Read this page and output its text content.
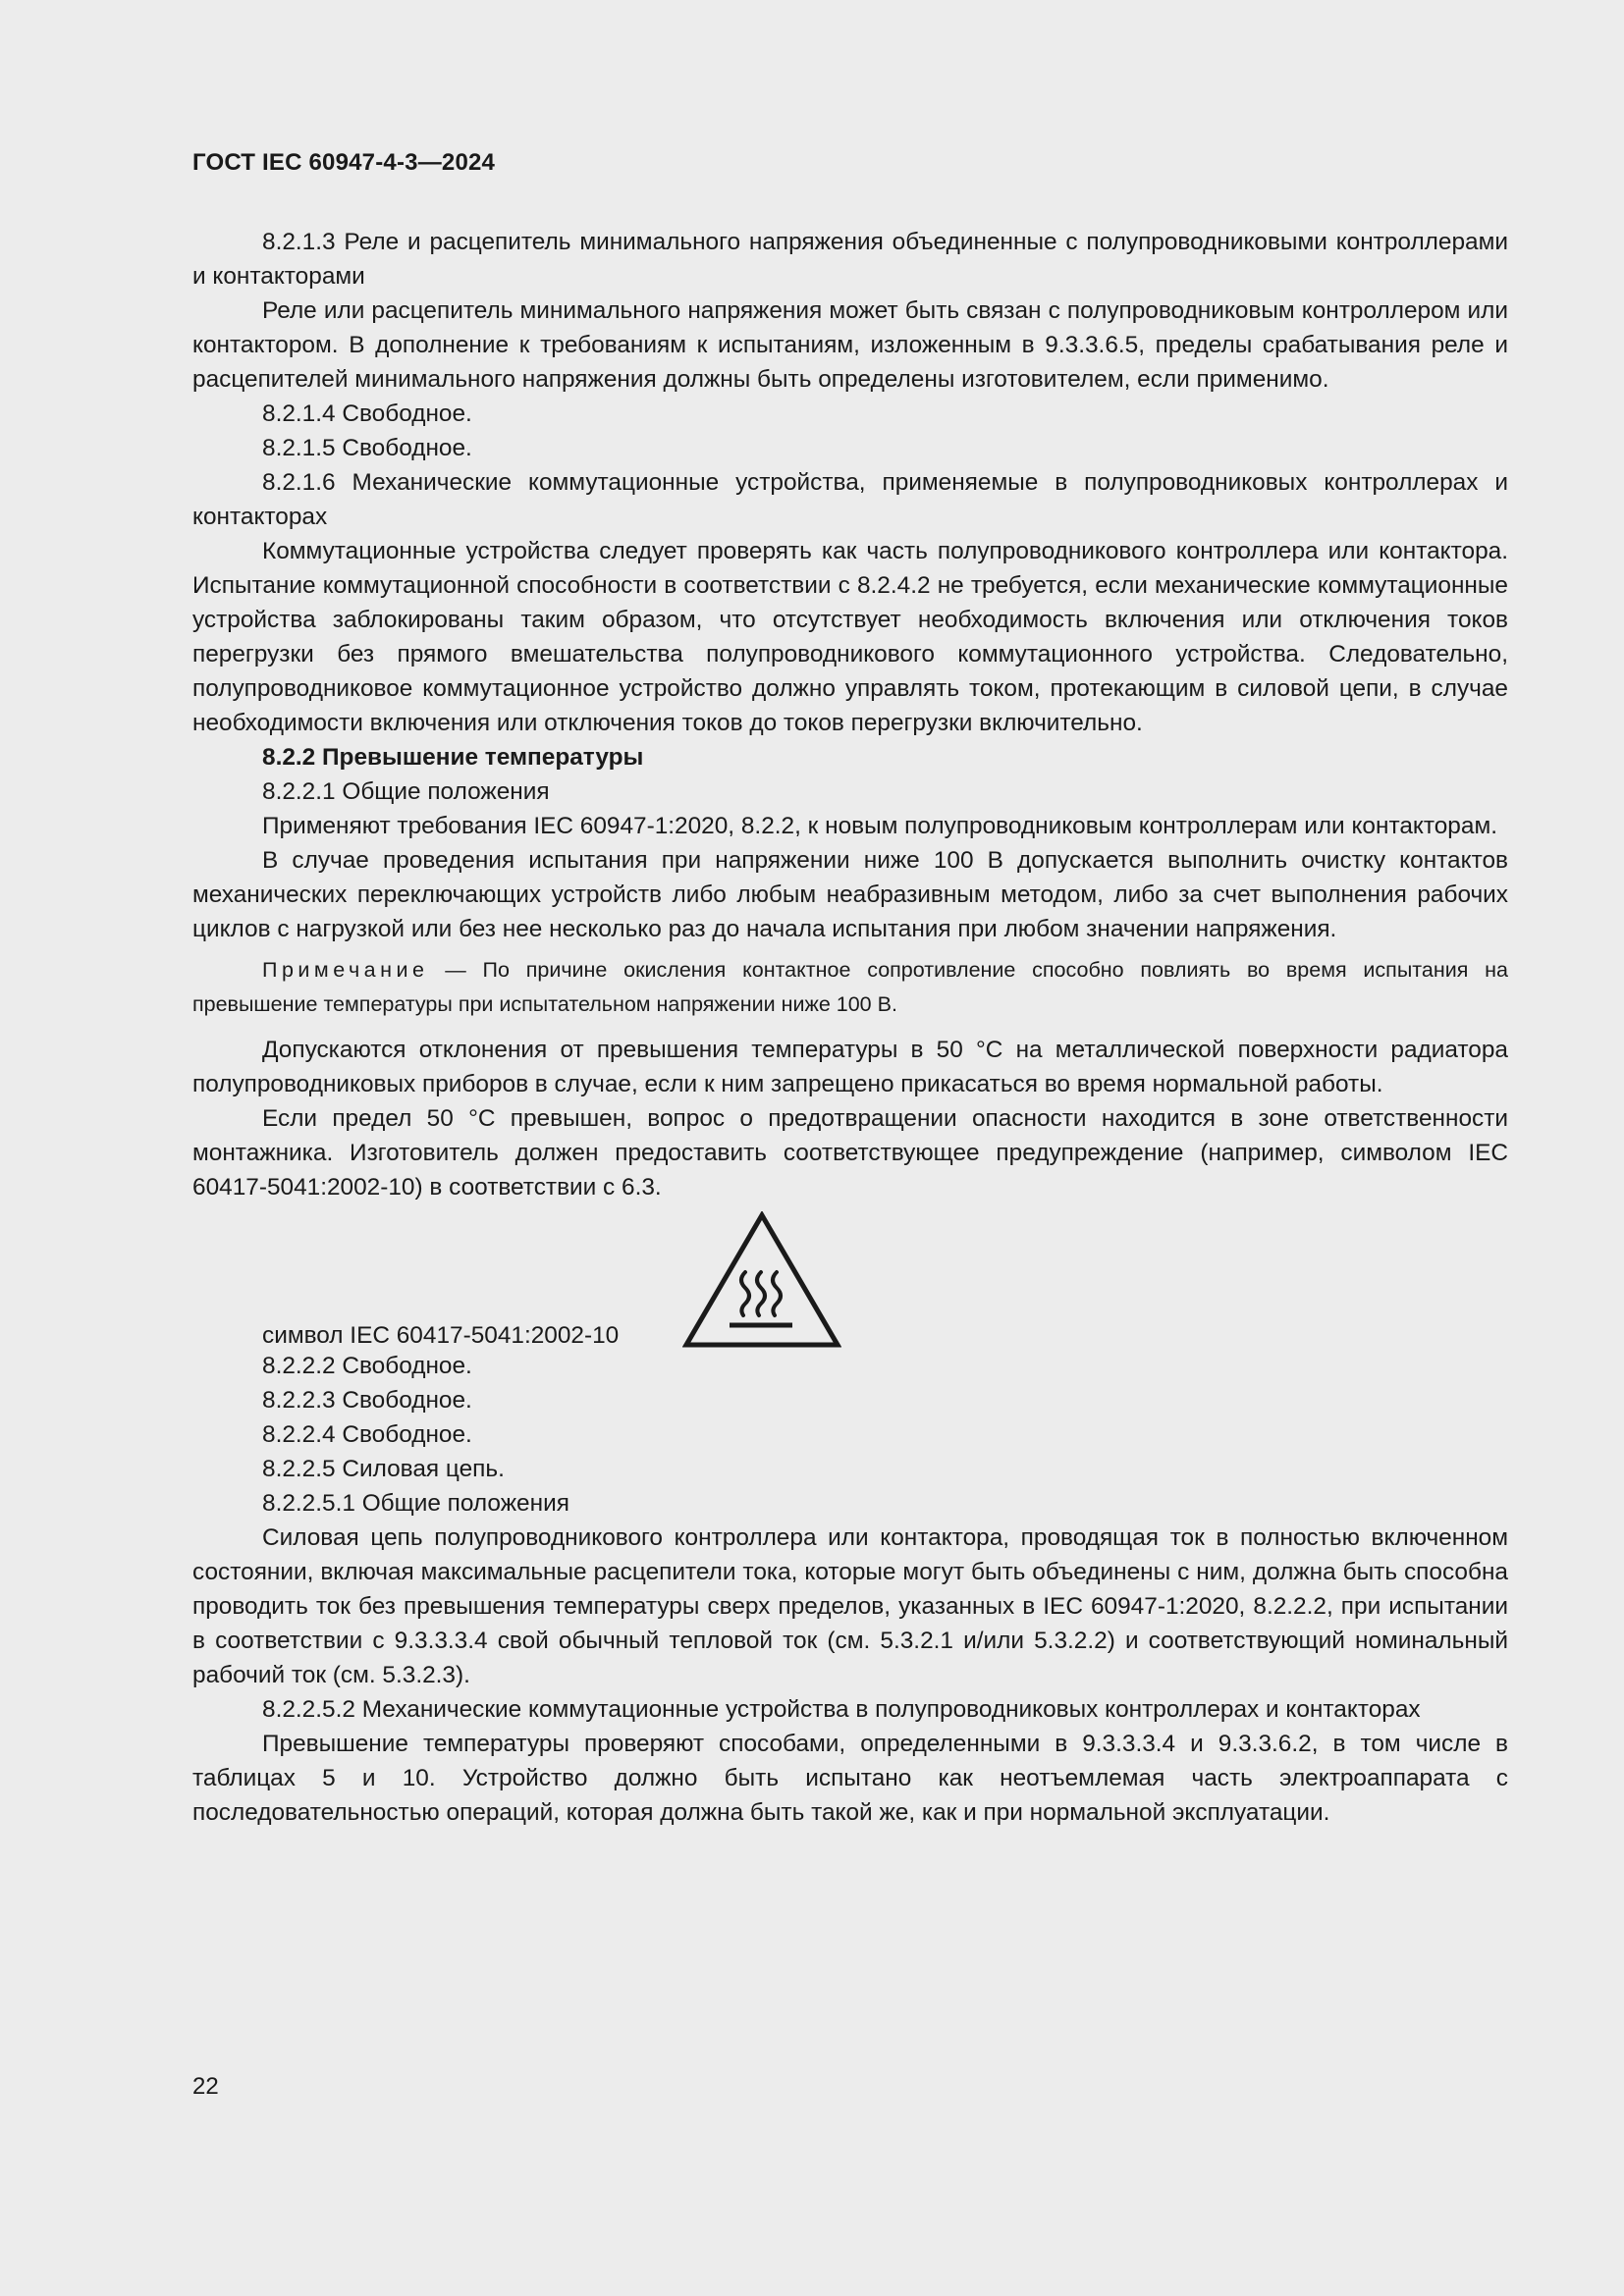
ГОСТ IEC 60947-4-3—2024

8.2.1.3 Реле и расцепитель минимального напряжения объединенные с полупроводниковыми контроллерами и контакторами

Реле или расцепитель минимального напряжения может быть связан с полупроводниковым контроллером или контактором. В дополнение к требованиям к испытаниям, изложенным в 9.3.3.6.5, пределы срабатывания реле и расцепителей минимального напряжения должны быть определены изготовителем, если применимо.

8.2.1.4 Свободное.

8.2.1.5 Свободное.

8.2.1.6 Механические коммутационные устройства, применяемые в полупроводниковых контроллерах и контакторах

Коммутационные устройства следует проверять как часть полупроводникового контроллера или контактора. Испытание коммутационной способности в соответствии с 8.2.4.2 не требуется, если механические коммутационные устройства заблокированы таким образом, что отсутствует необходимость включения или отключения токов перегрузки без прямого вмешательства полупроводникового коммутационного устройства. Следовательно, полупроводниковое коммутационное устройство должно управлять током, протекающим в силовой цепи, в случае необходимости включения или отключения токов до токов перегрузки включительно.

8.2.2 Превышение температуры

8.2.2.1 Общие положения

Применяют требования IEC 60947-1:2020, 8.2.2, к новым полупроводниковым контроллерам или контакторам.

В случае проведения испытания при напряжении ниже 100 В допускается выполнить очистку контактов механических переключающих устройств либо любым неабразивным методом, либо за счет выполнения рабочих циклов с нагрузкой или без нее несколько раз до начала испытания при любом значении напряжения.

Примечание — По причине окисления контактное сопротивление способно повлиять во время испытания на превышение температуры при испытательном напряжении ниже 100 В.

Допускаются отклонения от превышения температуры в 50 °С на металлической поверхности радиатора полупроводниковых приборов в случае, если к ним запрещено прикасаться во время нормальной работы.

Если предел 50 °С превышен, вопрос о предотвращении опасности находится в зоне ответственности монтажника. Изготовитель должен предоставить соответствующее предупреждение (например, символом IEC 60417-5041:2002-10) в соответствии с 6.3.

символ IEC 60417-5041:2002-10

8.2.2.2 Свободное.

8.2.2.3 Свободное.

8.2.2.4 Свободное.

8.2.2.5 Силовая цепь.

8.2.2.5.1 Общие положения

Силовая цепь полупроводникового контроллера или контактора, проводящая ток в полностью включенном состоянии, включая максимальные расцепители тока, которые могут быть объединены с ним, должна быть способна проводить ток без превышения температуры сверх пределов, указанных в IEC 60947-1:2020, 8.2.2.2, при испытании в соответствии с 9.3.3.3.4 свой обычный тепловой ток (см. 5.3.2.1 и/или 5.3.2.2) и соответствующий номинальный рабочий ток (см. 5.3.2.3).

8.2.2.5.2 Механические коммутационные устройства в полупроводниковых контроллерах и контакторах

Превышение температуры проверяют способами, определенными в 9.3.3.3.4 и 9.3.3.6.2, в том числе в таблицах 5 и 10. Устройство должно быть испытано как неотъемлемая часть электроаппарата с последовательностью операций, которая должна быть такой же, как и при нормальной эксплуатации.

22
